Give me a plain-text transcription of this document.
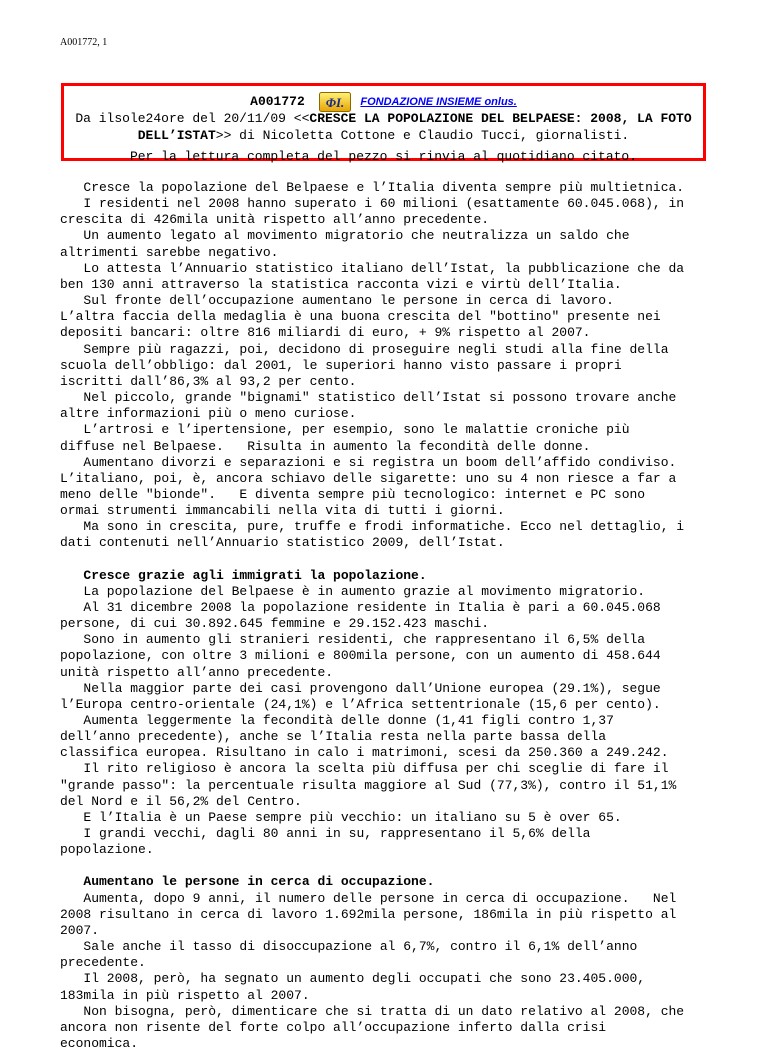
A001772, 1
A001772 ΦI. FONDAZIONE INSIEME onlus.
Da ilsole24ore del 20/11/09 <<CRESCE LA POPOLAZIONE DEL BELPAESE: 2008, LA FOTO
DELL’ISTAT>> di Nicoletta Cottone e Claudio Tucci, giornalisti.
Per la lettura completa del pezzo si rinvia al quotidiano citato.

Cresce la popolazione del Belpaese e l’Italia diventa sempre più multietnica.

I residenti nel 2008 hanno superato i 60 milioni (esattamente 60.045.068), in

crescita di 426mila unità rispetto all’anno precedente.

Un aumento legato al movimento migratorio che neutralizza un saldo che

altrimenti sarebbe negativo.

Lo attesta l’Annuario statistico italiano dell’Istat, la pubblicazione che da

ben 130 anni attraverso la statistica racconta vizi e virtù dell’Italia.

Sul fronte dell’occupazione aumentano le persone in cerca di lavoro.

L’altra faccia della medaglia è una buona crescita del "bottino" presente nei

depositi bancari: oltre 816 miliardi di euro, + 9% rispetto al 2007.

Sempre più ragazzi, poi, decidono di proseguire negli studi alla fine della

scuola dell’obbligo: dal 2001, le superiori hanno visto passare i propri

iscritti dall’86,3% al 93,2 per cento.

Nel piccolo, grande "bignami" statistico dell’Istat si possono trovare anche

altre informazioni più o meno curiose.

L’artrosi e l’ipertensione, per esempio, sono le malattie croniche più

diffuse nel Belpaese.   Risulta in aumento la fecondità delle donne.

Aumentano divorzi e separazioni e si registra un boom dell’affido condiviso.

L’italiano, poi, è, ancora schiavo delle sigarette: uno su 4 non riesce a far a

meno delle "bionde".   E diventa sempre più tecnologico: internet e PC sono

ormai strumenti immancabili nella vita di tutti i giorni.

Ma sono in crescita, pure, truffe e frodi informatiche. Ecco nel dettaglio, i

dati contenuti nell’Annuario statistico 2009, dell’Istat.

Cresce grazie agli immigrati la popolazione.

La popolazione del Belpaese è in aumento grazie al movimento migratorio.

Al 31 dicembre 2008 la popolazione residente in Italia è pari a 60.045.068

persone, di cui 30.892.645 femmine e 29.152.423 maschi.

Sono in aumento gli stranieri residenti, che rappresentano il 6,5% della

popolazione, con oltre 3 milioni e 800mila persone, con un aumento di 458.644

unità rispetto all’anno precedente.

Nella maggior parte dei casi provengono dall’Unione europea (29.1%), segue

l’Europa centro-orientale (24,1%) e l’Africa settentrionale (15,6 per cento).

Aumenta leggermente la fecondità delle donne (1,41 figli contro 1,37

dell’anno precedente), anche se l’Italia resta nella parte bassa della

classifica europea. Risultano in calo i matrimoni, scesi da 250.360 a 249.242.

Il rito religioso è ancora la scelta più diffusa per chi sceglie di fare il

"grande passo": la percentuale risulta maggiore al Sud (77,3%), contro il 51,1%

del Nord e il 56,2% del Centro.

E l’Italia è un Paese sempre più vecchio: un italiano su 5 è over 65.

I grandi vecchi, dagli 80 anni in su, rappresentano il 5,6% della

popolazione.

Aumentano le persone in cerca di occupazione.

Aumenta, dopo 9 anni, il numero delle persone in cerca di occupazione.   Nel

2008 risultano in cerca di lavoro 1.692mila persone, 186mila in più rispetto al

2007.

Sale anche il tasso di disoccupazione al 6,7%, contro il 6,1% dell’anno

precedente.

Il 2008, però, ha segnato un aumento degli occupati che sono 23.405.000,

183mila in più rispetto al 2007.

Non bisogna, però, dimenticare che si tratta di un dato relativo al 2008, che

ancora non risente del forte colpo all’occupazione inferto dalla crisi

economica.
